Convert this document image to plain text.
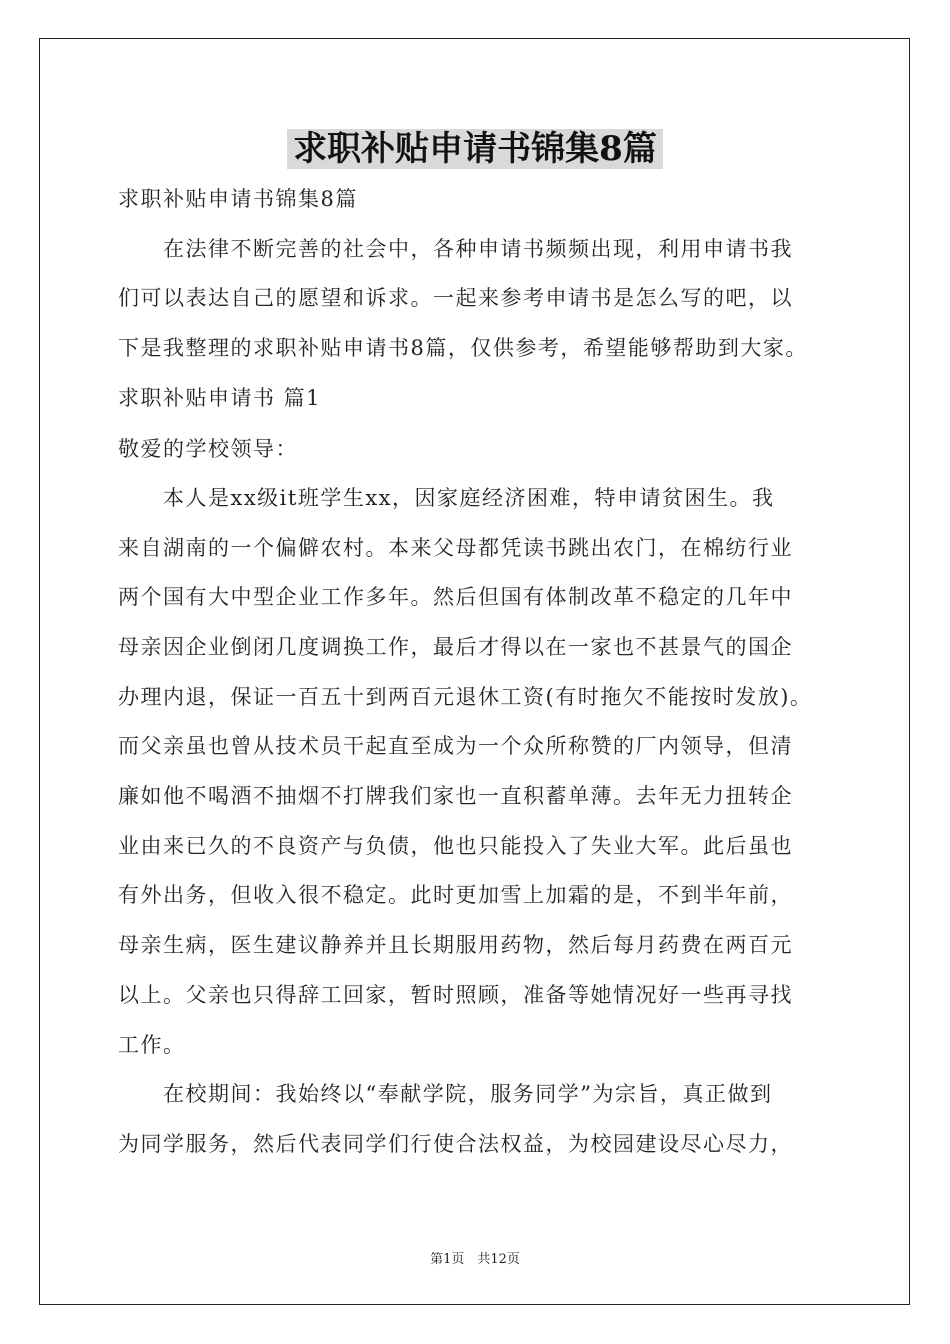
求职补贴申请书锦集8篇
求职补贴申请书锦集8篇
　　在法律不断完善的社会中，各种申请书频频出现，利用申请书我
们可以表达自己的愿望和诉求。一起来参考申请书是怎么写的吧，以
下是我整理的求职补贴申请书8篇，仅供参考，希望能够帮助到大家。
求职补贴申请书 篇1
敬爱的学校领导：
　　本人是xx级it班学生xx，因家庭经济困难，特申请贫困生。我
来自湖南的一个偏僻农村。本来父母都凭读书跳出农门，在棉纺行业
两个国有大中型企业工作多年。然后但国有体制改革不稳定的几年中
母亲因企业倒闭几度调换工作，最后才得以在一家也不甚景气的国企
办理内退，保证一百五十到两百元退休工资(有时拖欠不能按时发放)。
而父亲虽也曾从技术员干起直至成为一个众所称赞的厂内领导，但清
廉如他不喝酒不抽烟不打牌我们家也一直积蓄单薄。去年无力扭转企
业由来已久的不良资产与负债，他也只能投入了失业大军。此后虽也
有外出务，但收入很不稳定。此时更加雪上加霜的是，不到半年前，
母亲生病，医生建议静养并且长期服用药物，然后每月药费在两百元
以上。父亲也只得辞工回家，暂时照顾，准备等她情况好一些再寻找
工作。
　　在校期间：我始终以“奉献学院，服务同学”为宗旨，真正做到
为同学服务，然后代表同学们行使合法权益，为校园建设尽心尽力，
第1页　共12页
